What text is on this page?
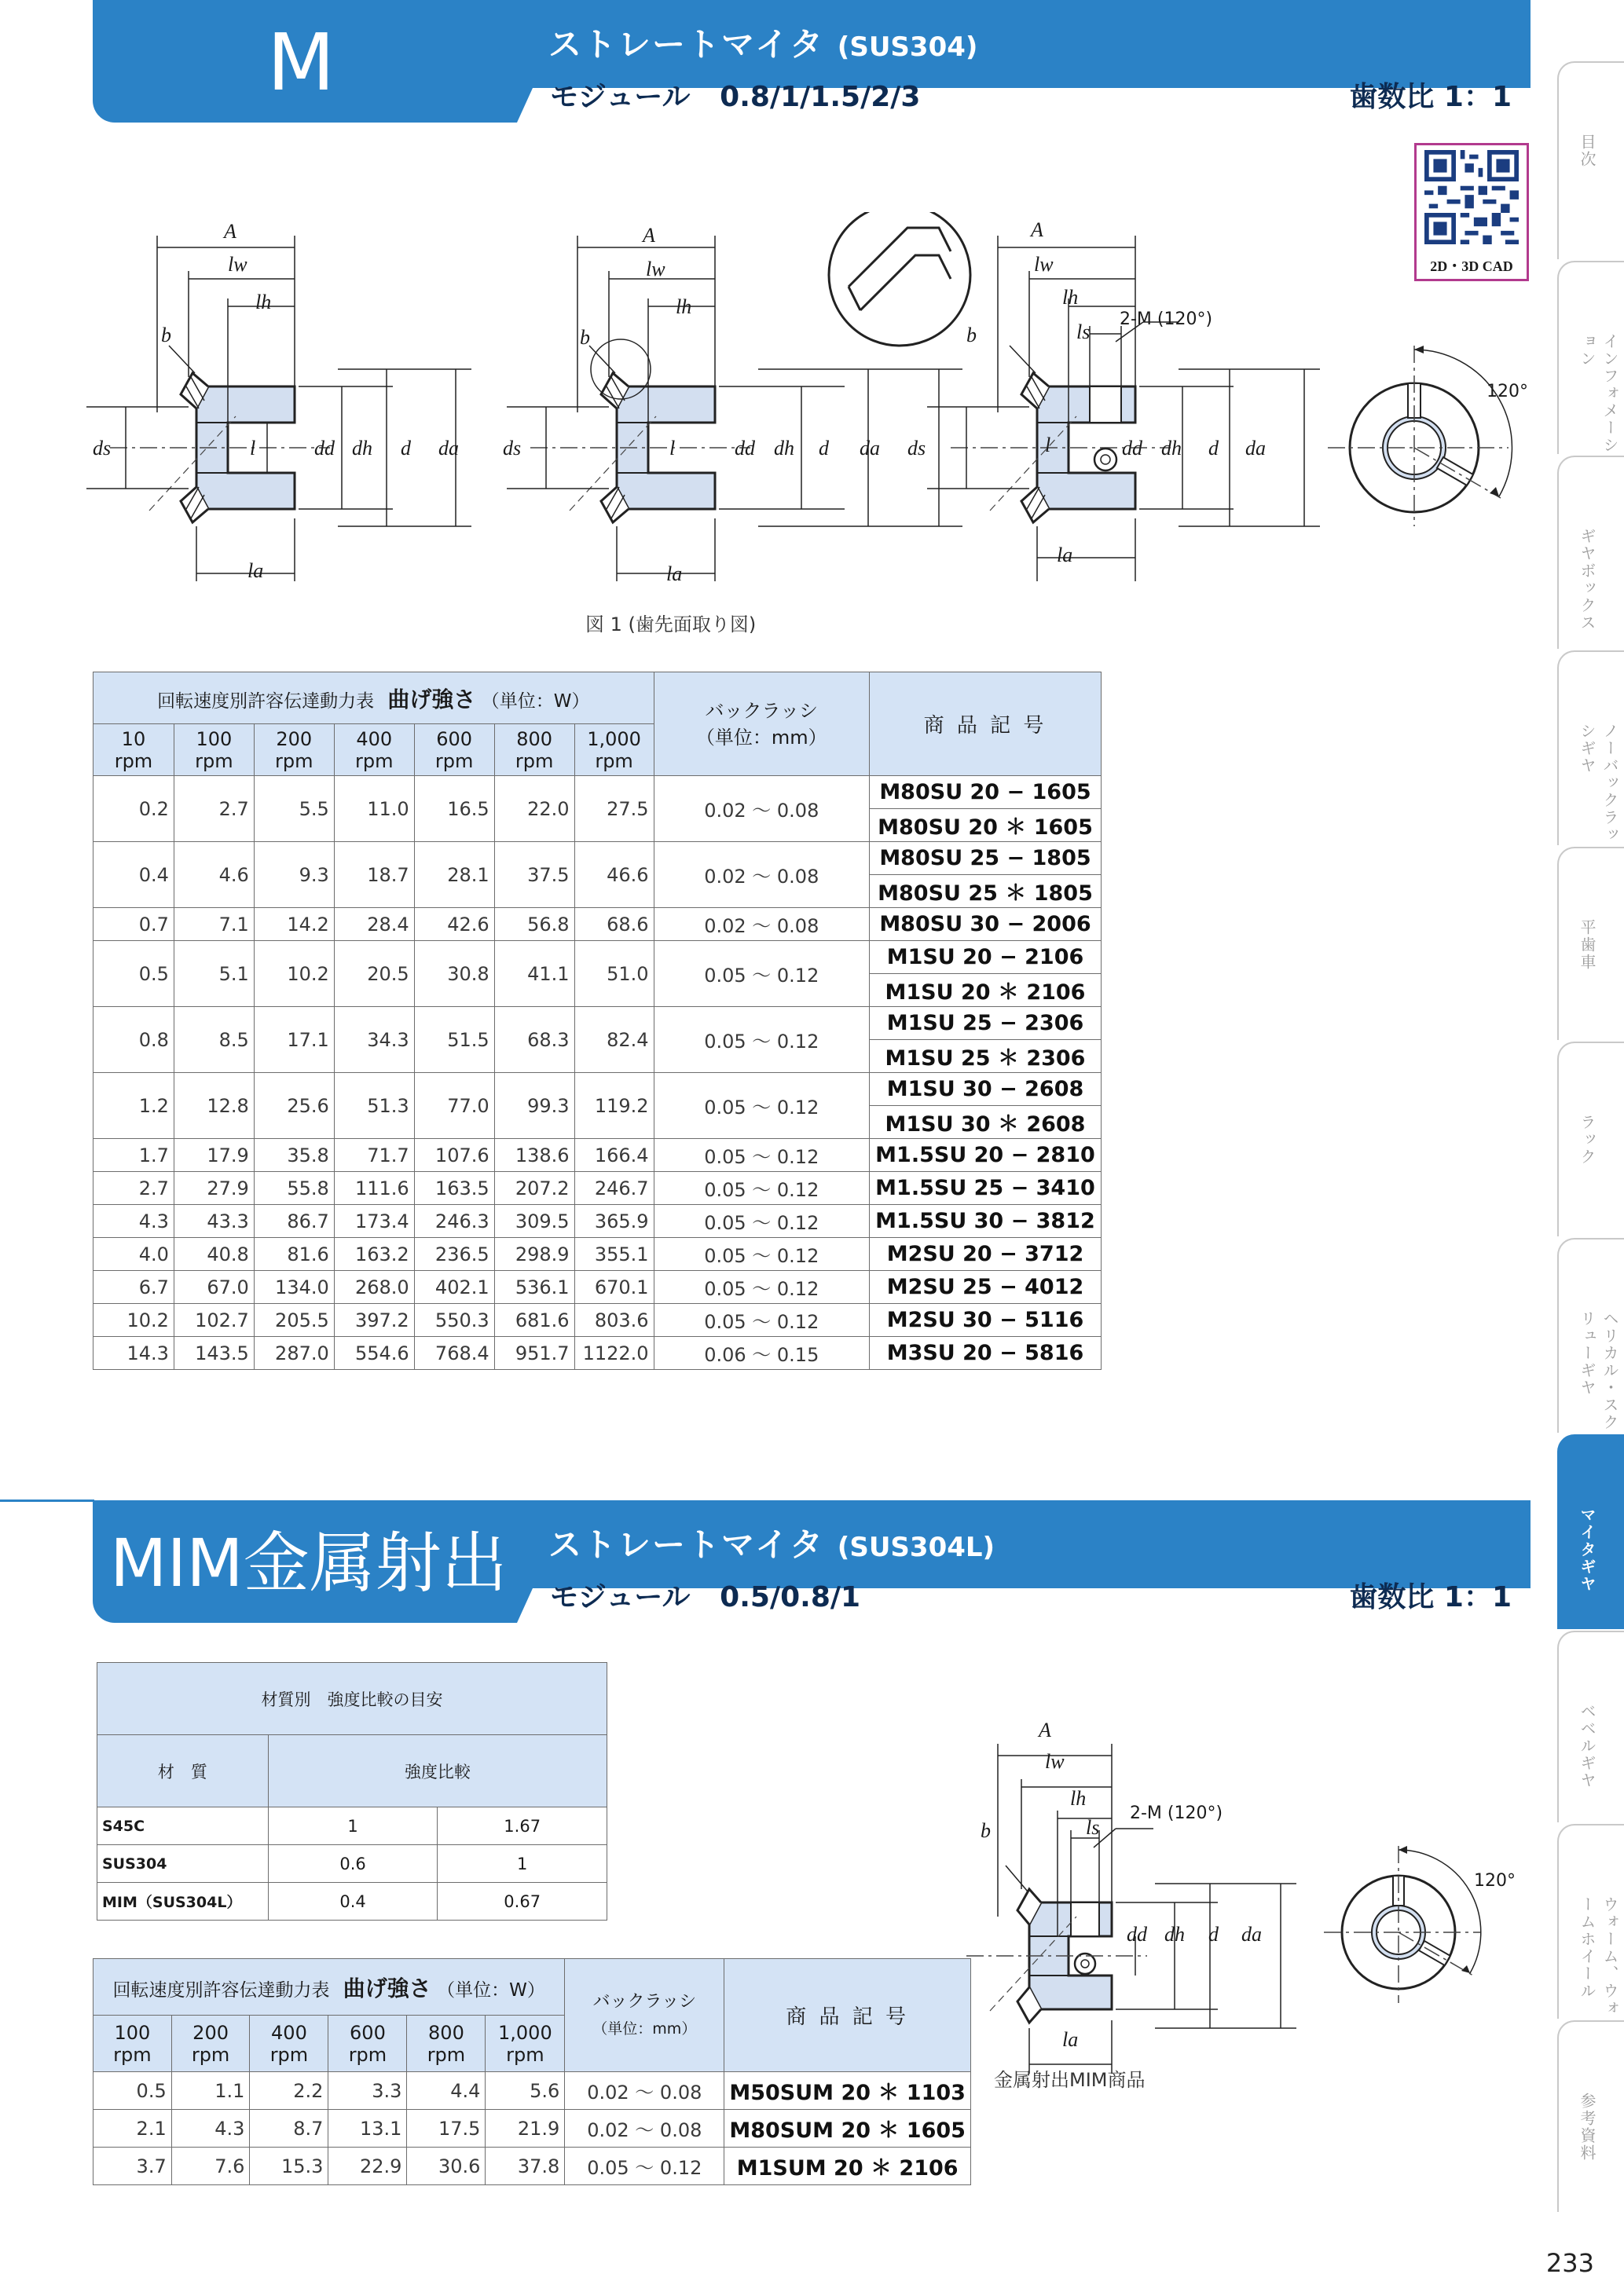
M	ストレートマイタ (SUS304)
モジュール 0.8/1/1.5/2/3	歯数比 1：1
2D・3D CAD
A
lw
lh
b
ds	l	dd dh d da
la
A
lw
lh
b
ds	l	dd dh d da
la
A
lw
lh
ls
2-M (120°)
b
ds	l	dd dh d da
la
120°
図 1 (歯先面取り図)
回転速度別許容伝達動力表 曲げ強さ （単位：W）							バックラッシ
（単位：mm）	商 品 記 号
10
rpm	100
rpm	200
rpm	400
rpm	600
rpm	800
rpm	1,000
rpm		
0.2	2.7	5.5	11.0	16.5	22.0	27.5	0.02 ～ 0.08	M80SU 20 − 1605
								M80SU 20 ＊ 1605
0.4	4.6	9.3	18.7	28.1	37.5	46.6	0.02 ～ 0.08	M80SU 25 − 1805
								M80SU 25 ＊ 1805
0.7	7.1	14.2	28.4	42.6	56.8	68.6	0.02 ～ 0.08	M80SU 30 − 2006
0.5	5.1	10.2	20.5	30.8	41.1	51.0	0.05 ～ 0.12	M1SU 20 − 2106
								M1SU 20 ＊ 2106
0.8	8.5	17.1	34.3	51.5	68.3	82.4	0.05 ～ 0.12	M1SU 25 − 2306
								M1SU 25 ＊ 2306
1.2	12.8	25.6	51.3	77.0	99.3	119.2	0.05 ～ 0.12	M1SU 30 − 2608
								M1SU 30 ＊ 2608
1.7	17.9	35.8	71.7	107.6	138.6	166.4	0.05 ～ 0.12	M1.5SU 20 − 2810
2.7	27.9	55.8	111.6	163.5	207.2	246.7	0.05 ～ 0.12	M1.5SU 25 − 3410
4.3	43.3	86.7	173.4	246.3	309.5	365.9	0.05 ～ 0.12	M1.5SU 30 − 3812
4.0	40.8	81.6	163.2	236.5	298.9	355.1	0.05 ～ 0.12	M2SU 20 − 3712
6.7	67.0	134.0	268.0	402.1	536.1	670.1	0.05 ～ 0.12	M2SU 25 − 4012
10.2	102.7	205.5	397.2	550.3	681.6	803.6	0.05 ～ 0.12	M2SU 30 − 5116
14.3	143.5	287.0	554.6	768.4	951.7	1122.0	0.06 ～ 0.15	M3SU 20 − 5816
MIM金属射出 ストレートマイタ (SUS304L)
モジュール 0.5/0.8/1	歯数比 1：1
材質別　強度比較の目安		
材　質	強度比較	
S45C	1	1.67
SUS304	0.6	1
MIM（SUS304L）	0.4	0.67
回転速度別許容伝達動力表 曲げ強さ （単位：W）						バックラッシ
（単位：mm）	商 品 記 号
100
rpm	200
rpm	400
rpm	600
rpm	800
rpm	1,000
rpm		
0.5	1.1	2.2	3.3	4.4	5.6	0.02 ～ 0.08	M50SUM 20 ＊ 1103
2.1	4.3	8.7	13.1	17.5	21.9	0.02 ～ 0.08	M80SUM 20 ＊ 1605
3.7	7.6	15.3	22.9	30.6	37.8	0.05 ～ 0.12	M1SUM 20 ＊ 2106
A
lw
lh
ls
2-M (120°)
b
dd dh d da
la
120°
金属射出MIM商品
目次
インフォメーション
ギヤボックス
ノーバックラッシギヤ
平歯車
ラック
ヘリカル・スクリューギヤ
マイタギヤ
ベベルギヤ
ウォーム、ウォームホイール
参考資料
233
